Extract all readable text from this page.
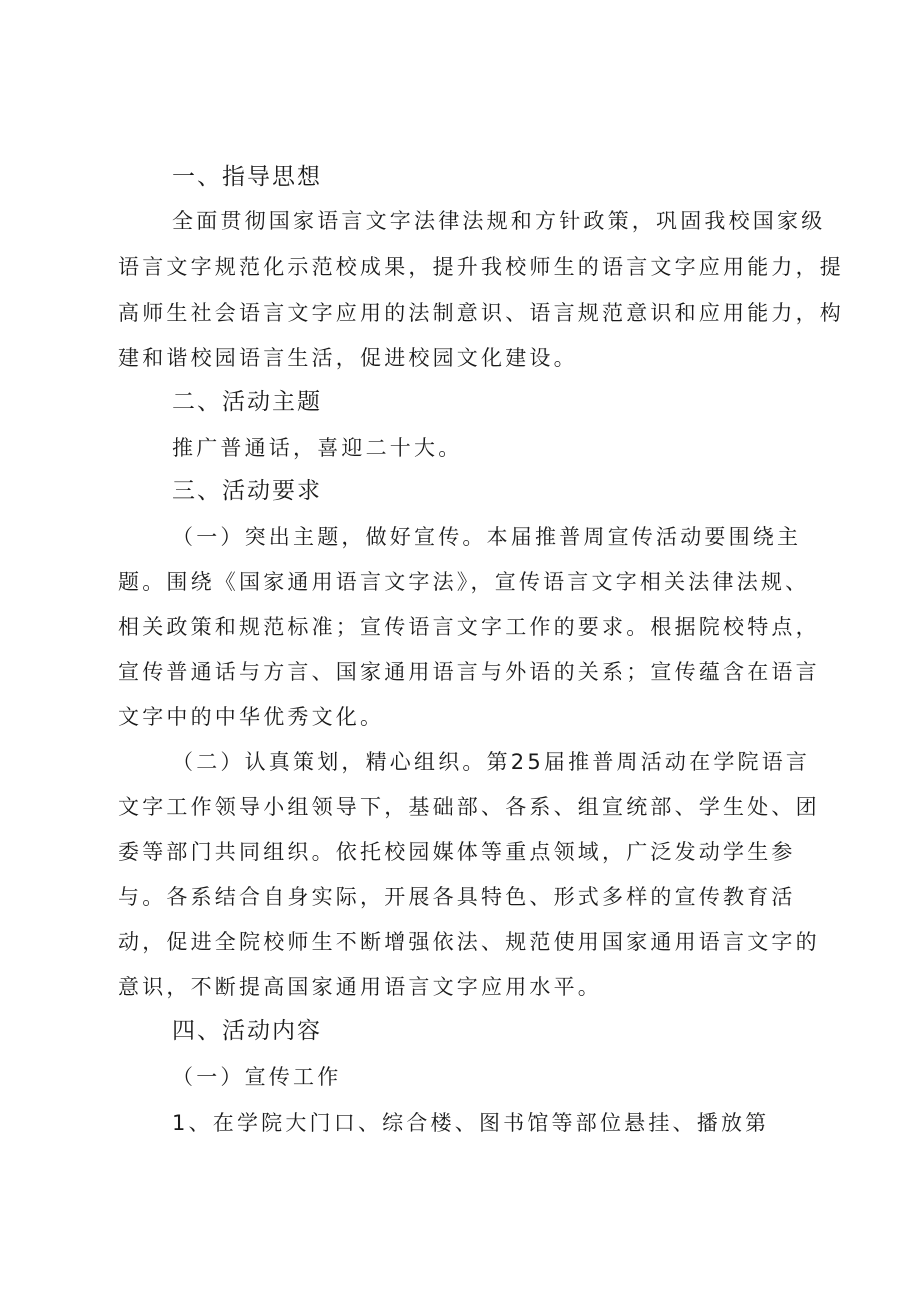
一、指导思想
全面贯彻国家语言文字法律法规和方针政策，巩固我校国家级
语言文字规范化示范校成果，提升我校师生的语言文字应用能力，提
高师生社会语言文字应用的法制意识、语言规范意识和应用能力，构
建和谐校园语言生活，促进校园文化建设。
二、活动主题
推广普通话，喜迎二十大。
三、活动要求
（一）突出主题，做好宣传。本届推普周宣传活动要围绕主
题。围绕《国家通用语言文字法》，宣传语言文字相关法律法规、
相关政策和规范标准；宣传语言文字工作的要求。根据院校特点，
宣传普通话与方言、国家通用语言与外语的关系；宣传蕴含在语言
文字中的中华优秀文化。
（二）认真策划，精心组织。第25届推普周活动在学院语言
文字工作领导小组领导下，基础部、各系、组宣统部、学生处、团
委等部门共同组织。依托校园媒体等重点领域，广泛发动学生参
与。各系结合自身实际，开展各具特色、形式多样的宣传教育活
动，促进全院校师生不断增强依法、规范使用国家通用语言文字的
意识，不断提高国家通用语言文字应用水平。
四、活动内容
（一）宣传工作
1、在学院大门口、综合楼、图书馆等部位悬挂、播放第
